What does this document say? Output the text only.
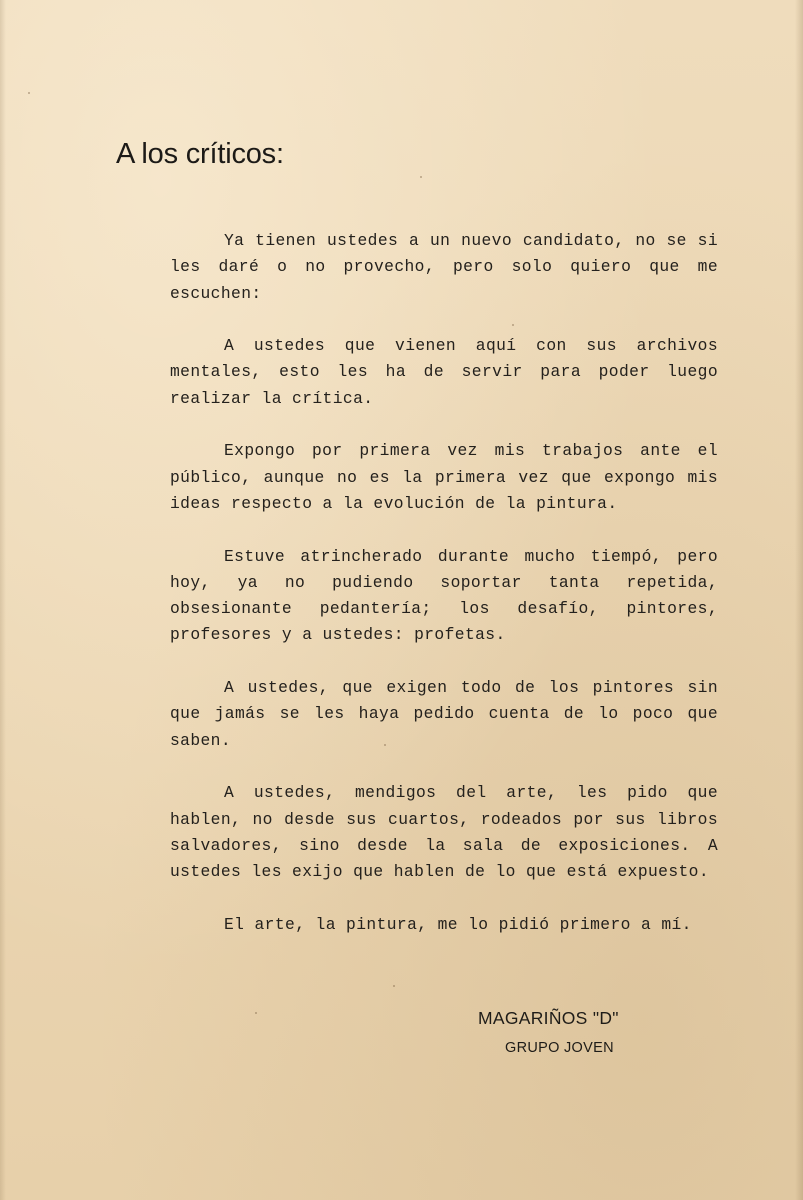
A los críticos:

Ya tienen ustedes a un nuevo candidato, no se si les daré o no provecho, pero solo quiero que me escuchen:

A ustedes que vienen aquí con sus archivos mentales, esto les ha de servir para poder luego realizar la crítica.

Expongo por primera vez mis trabajos ante el público, aunque no es la primera vez que expongo mis ideas respecto a la evolución de la pintura.

Estuve atrincherado durante mucho tiempó, pero hoy, ya no pudiendo soportar tanta repetida, obsesionante pedantería; los desafío, pintores, profesores y a ustedes: profetas.

A ustedes, que exigen todo de los pintores sin que jamás se les haya pedido cuenta de lo poco que saben.

A ustedes, mendigos del arte, les pido que hablen, no desde sus cuartos, rodeados por sus libros salvadores, sino desde la sala de exposiciones. A ustedes les exijo que hablen de lo que está expuesto.

El arte, la pintura, me lo pidió primero a mí.

MAGARIÑOS "D"
GRUPO JOVEN
